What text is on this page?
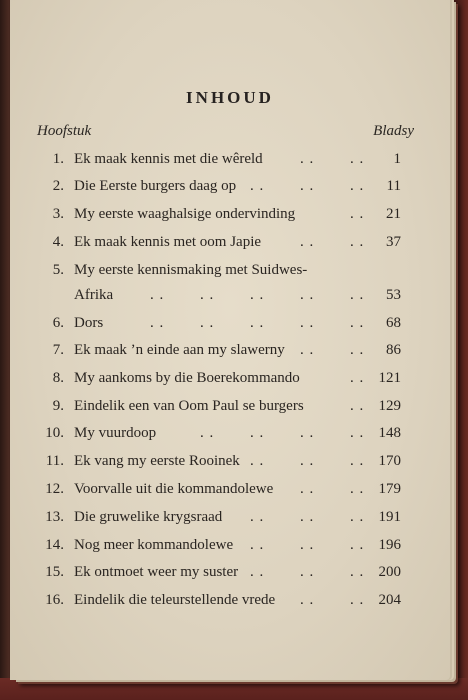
INHOUD
Hoofstuk	Bladsy
1. Ek maak kennis met die wêreld	1
. . . .
2. Die Eerste burgers daag op	11
. . . . . .
3. My eerste waaghalsige ondervinding	21
. .
4. Ek maak kennis met oom Japie	37
. . . .
5. My eerste kennismaking met Suidwes-
Afrika	53
. . . . . . . . . .
6. Dors	68
. . . . . . . . . .
7. Ek maak ’n einde aan my slawerny	86
. . . .
8. My aankoms by die Boerekommando	121
. .
9. Eindelik een van Oom Paul se burgers	129
. .
10. My vuurdoop	148
. . . . . . . .
11. Ek vang my eerste Rooinek	170
. . . . . .
12. Voorvalle uit die kommandolewe	179
. . . .
13. Die gruwelike krygsraad	191
. . . . . .
14. Nog meer kommandolewe	196
. . . . . .
15. Ek ontmoet weer my suster	200
. . . . . .
16. Eindelik die teleurstellende vrede	204
. . . .
